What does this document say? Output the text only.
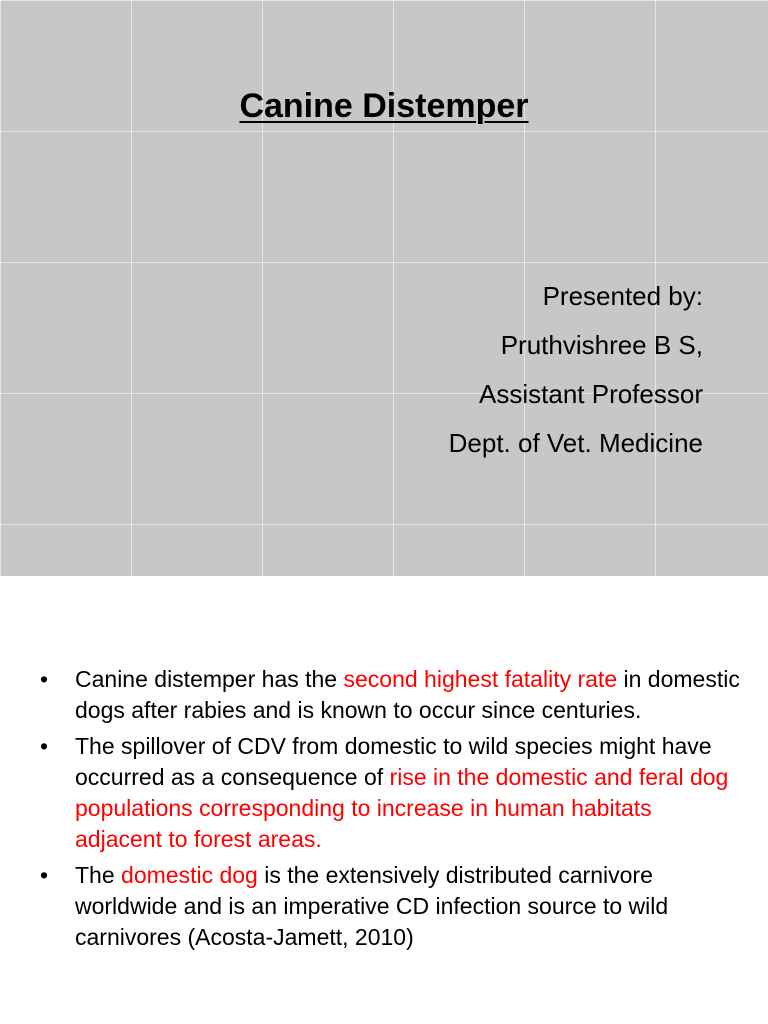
Canine Distemper
Presented by:
Pruthvishree B S,
Assistant Professor
Dept. of Vet. Medicine
• Canine distemper has the second highest fatality rate in domestic dogs after rabies and is known to occur since centuries.
• The spillover of CDV from domestic to wild species might have occurred as a consequence of rise in the domestic and feral dog populations corresponding to increase in human habitats adjacent to forest areas.
• The domestic dog is the extensively distributed carnivore worldwide and is an imperative CD infection source to wild carnivores (Acosta-Jamett, 2010)
